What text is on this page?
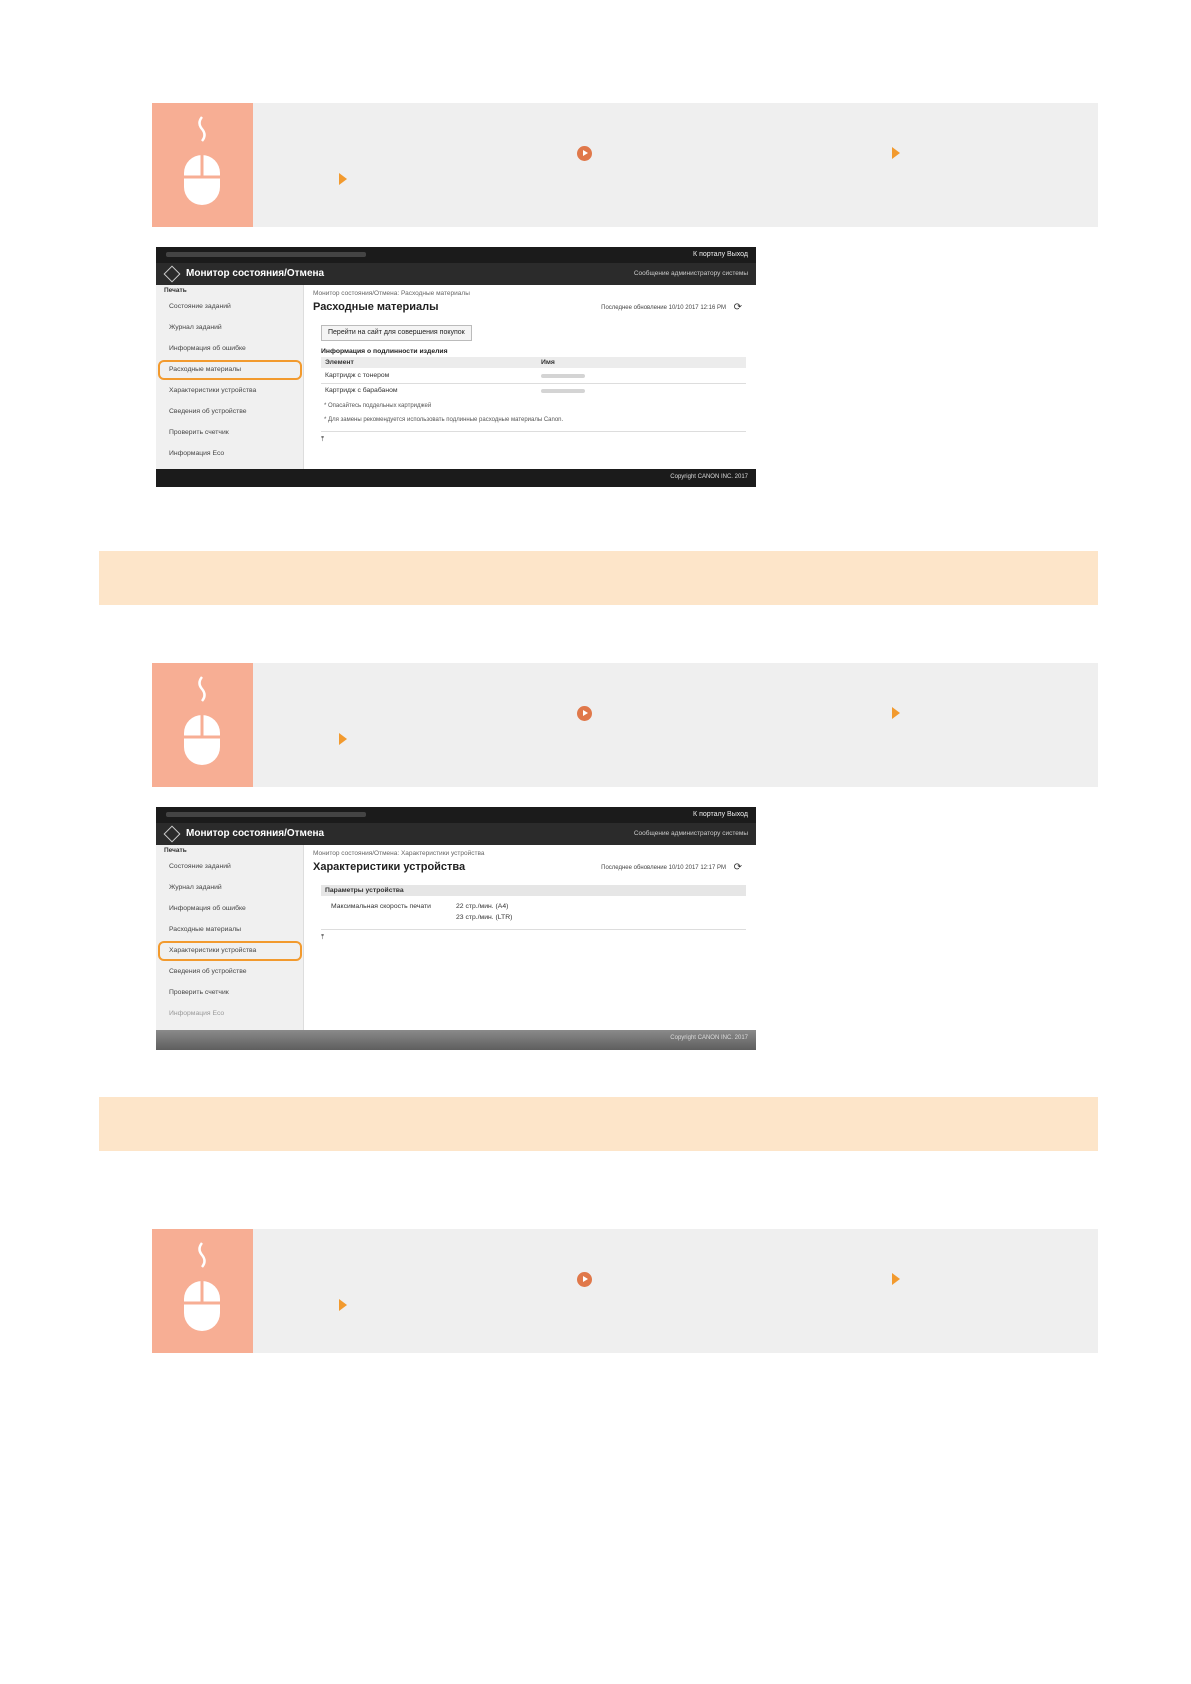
К порталу Выход
Монитор состояния/Отмена	Сообщение администратору системы
Печать
Состояние заданий
Журнал заданий
Информация об ошибке
Расходные материалы
Характеристики устройства
Сведения об устройстве
Проверить счетчик
Информация Eco
Монитор состояния/Отмена: Расходные материалы
Расходные материалы	Последнее обновление 10/10 2017 12:16 PM ⟳
Перейти на сайт для совершения покупок
Информация о подлинности изделия
Элемент	Имя
Картридж с тонером
Картридж с барабаном
* Опасайтесь поддельных картриджей
* Для замены рекомендуется использовать подлинные расходные материалы Canon.
⤒
Copyright CANON INC. 2017
К порталу Выход
Монитор состояния/Отмена	Сообщение администратору системы
Печать
Состояние заданий
Журнал заданий
Информация об ошибке
Расходные материалы
Характеристики устройства
Сведения об устройстве
Проверить счетчик
Информация Eco
Монитор состояния/Отмена: Характеристики устройства
Характеристики устройства	Последнее обновление 10/10 2017 12:17 PM ⟳
Параметры устройства
Максимальная скорость печати	22 стр./мин. (A4)
23 стр./мин. (LTR)
⤒
Copyright CANON INC. 2017
